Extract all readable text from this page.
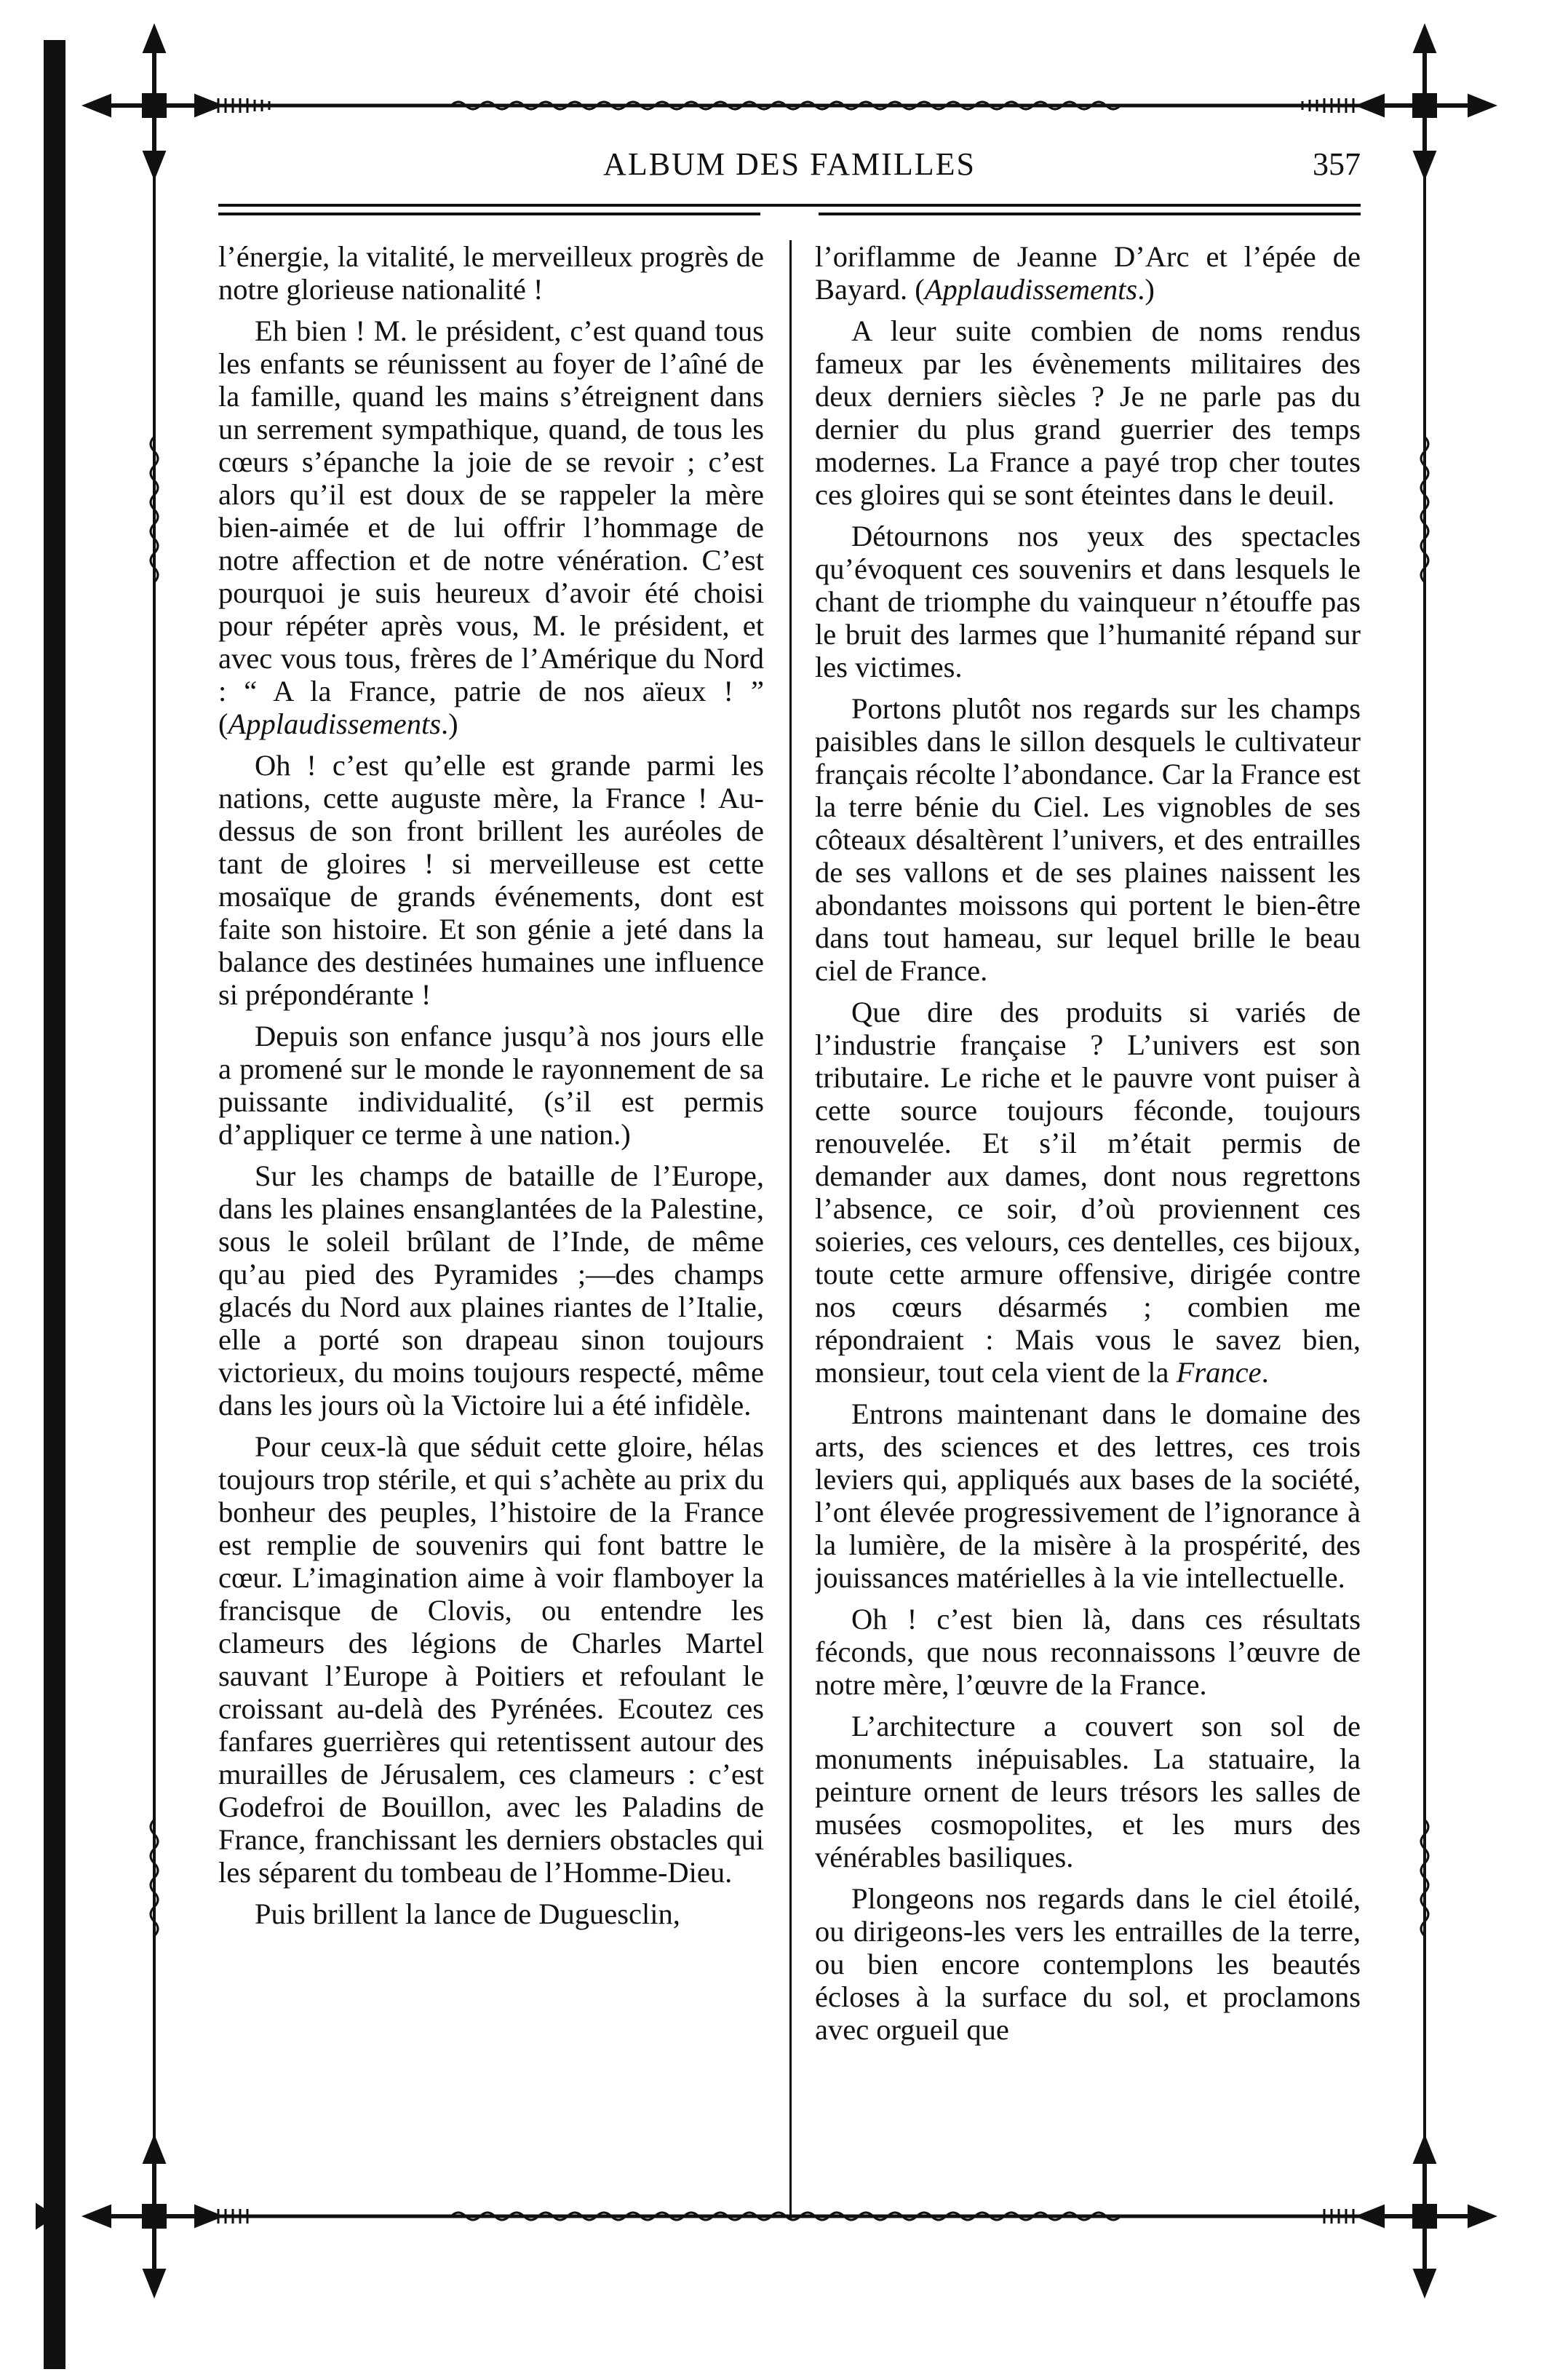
ALBUM DES FAMILLES	357

l’énergie, la vitalité, le merveilleux progrès de notre glorieuse nationalité !

Eh bien ! M. le président, c’est quand tous les enfants se réunissent au foyer de l’aîné de la famille, quand les mains s’étreignent dans un serrement sympathique, quand, de tous les cœurs s’épanche la joie de se revoir ; c’est alors qu’il est doux de se rappeler la mère bien-aimée et de lui offrir l’hommage de notre affection et de notre vénération. C’est pourquoi je suis heureux d’avoir été choisi pour répéter après vous, M. le président, et avec vous tous, frères de l’Amérique du Nord : “ A la France, patrie de nos aïeux ! ” (Applaudissements.)

Oh ! c’est qu’elle est grande parmi les nations, cette auguste mère, la France ! Au-dessus de son front brillent les auréoles de tant de gloires ! si merveilleuse est cette mosaïque de grands événements, dont est faite son histoire. Et son génie a jeté dans la balance des destinées humaines une influence si prépondérante !

Depuis son enfance jusqu’à nos jours elle a promené sur le monde le rayonnement de sa puissante individualité, (s’il est permis d’appliquer ce terme à une nation.)

Sur les champs de bataille de l’Europe, dans les plaines ensanglantées de la Palestine, sous le soleil brûlant de l’Inde, de même qu’au pied des Pyramides ;—des champs glacés du Nord aux plaines riantes de l’Italie, elle a porté son drapeau sinon toujours victorieux, du moins toujours respecté, même dans les jours où la Victoire lui a été infidèle.

Pour ceux-là que séduit cette gloire, hélas toujours trop stérile, et qui s’achète au prix du bonheur des peuples, l’histoire de la France est remplie de souvenirs qui font battre le cœur. L’imagination aime à voir flamboyer la francisque de Clovis, ou entendre les clameurs des légions de Charles Martel sauvant l’Europe à Poitiers et refoulant le croissant au-delà des Pyrénées. Ecoutez ces fanfares guerrières qui retentissent autour des murailles de Jérusalem, ces clameurs : c’est Godefroi de Bouillon, avec les Paladins de France, franchissant les derniers obstacles qui les séparent du tombeau de l’Homme-Dieu.

Puis brillent la lance de Duguesclin,

l’oriflamme de Jeanne D’Arc et l’épée de Bayard. (Applaudissements.)

A leur suite combien de noms rendus fameux par les évènements militaires des deux derniers siècles ? Je ne parle pas du dernier du plus grand guerrier des temps modernes. La France a payé trop cher toutes ces gloires qui se sont éteintes dans le deuil.

Détournons nos yeux des spectacles qu’évoquent ces souvenirs et dans lesquels le chant de triomphe du vainqueur n’étouffe pas le bruit des larmes que l’humanité répand sur les victimes.

Portons plutôt nos regards sur les champs paisibles dans le sillon desquels le cultivateur français récolte l’abondance. Car la France est la terre bénie du Ciel. Les vignobles de ses côteaux désaltèrent l’univers, et des entrailles de ses vallons et de ses plaines naissent les abondantes moissons qui portent le bien-être dans tout hameau, sur lequel brille le beau ciel de France.

Que dire des produits si variés de l’industrie française ? L’univers est son tributaire. Le riche et le pauvre vont puiser à cette source toujours féconde, toujours renouvelée. Et s’il m’était permis de demander aux dames, dont nous regrettons l’absence, ce soir, d’où proviennent ces soieries, ces velours, ces dentelles, ces bijoux, toute cette armure offensive, dirigée contre nos cœurs désarmés ; combien me répondraient : Mais vous le savez bien, monsieur, tout cela vient de la France.

Entrons maintenant dans le domaine des arts, des sciences et des lettres, ces trois leviers qui, appliqués aux bases de la société, l’ont élevée progressivement de l’ignorance à la lumière, de la misère à la prospérité, des jouissances matérielles à la vie intellectuelle.

Oh ! c’est bien là, dans ces résultats féconds, que nous reconnaissons l’œuvre de notre mère, l’œuvre de la France.

L’architecture a couvert son sol de monuments inépuisables. La statuaire, la peinture ornent de leurs trésors les salles de musées cosmopolites, et les murs des vénérables basiliques.

Plongeons nos regards dans le ciel étoilé, ou dirigeons-les vers les entrailles de la terre, ou bien encore contemplons les beautés écloses à la surface du sol, et proclamons avec orgueil que
